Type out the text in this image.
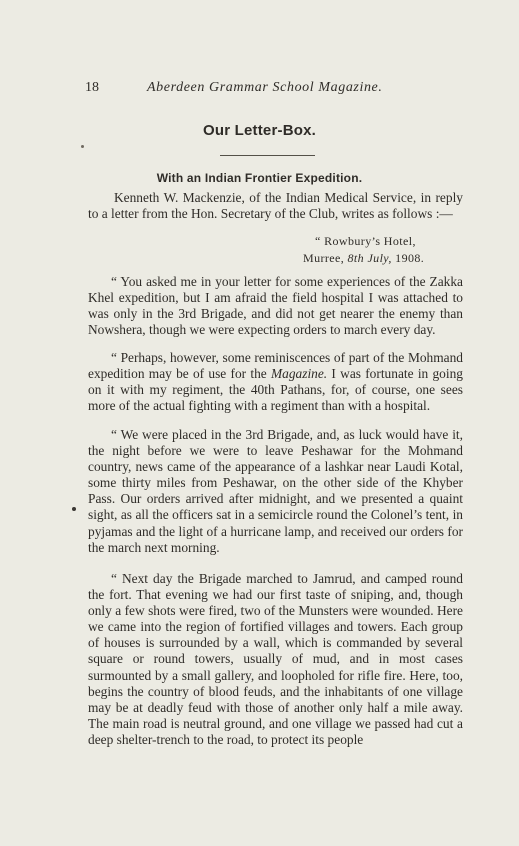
18	Aberdeen Grammar School Magazine.
Our Letter-Box.
With an Indian Frontier Expedition.

Kenneth W. Mackenzie, of the Indian Medical Service, in reply to a letter from the Hon. Secretary of the Club, writes as follows :—

“ Rowbury’s Hotel,
Murree, 8th July, 1908.

“ You asked me in your letter for some experiences of the Zakka Khel expedition, but I am afraid the field hospital I was attached to was only in the 3rd Brigade, and did not get nearer the enemy than Nowshera, though we were expecting orders to march every day.

“ Perhaps, however, some reminiscences of part of the Mohmand expedition may be of use for the Magazine. I was fortunate in going on it with my regiment, the 40th Pathans, for, of course, one sees more of the actual fighting with a regiment than with a hospital.

“ We were placed in the 3rd Brigade, and, as luck would have it, the night before we were to leave Peshawar for the Mohmand country, news came of the appearance of a lashkar near Laudi Kotal, some thirty miles from Peshawar, on the other side of the Khyber Pass. Our orders arrived after midnight, and we presented a quaint sight, as all the officers sat in a semicircle round the Colonel’s tent, in pyjamas and the light of a hurricane lamp, and received our orders for the march next morning.

“ Next day the Brigade marched to Jamrud, and camped round the fort. That evening we had our first taste of sniping, and, though only a few shots were fired, two of the Munsters were wounded. Here we came into the region of fortified villages and towers. Each group of houses is surrounded by a wall, which is commanded by several square or round towers, usually of mud, and in most cases surmounted by a small gallery, and loopholed for rifle fire. Here, too, begins the country of blood feuds, and the inhabitants of one village may be at deadly feud with those of another only half a mile away. The main road is neutral ground, and one village we passed had cut a deep shelter-trench to the road, to protect its people
